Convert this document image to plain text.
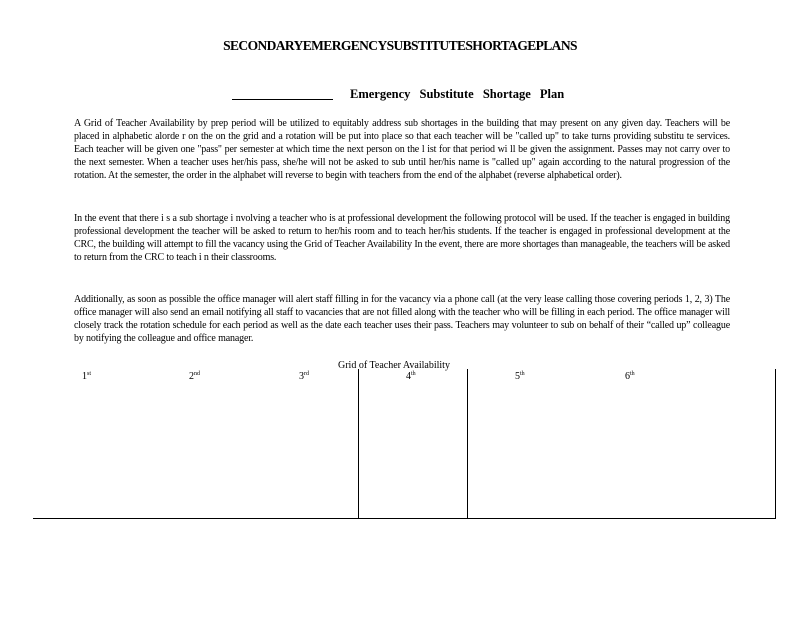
SECONDARYEMERGENCYSUBSTITUTESHORTAGEPLANS
Emergency Substitute Shortage Plan
A Grid of Teacher Availability by prep period will be utilized to equitably address sub shortages in the building that may present on any given day. Teachers will be placed in alphabetic alorde r on the on the grid and a rotation will be put into place so that each teacher will be "called up" to take turns providing substitu te services. Each teacher will be given one "pass" per semester at which time the next person on the l ist for that period wi ll be given the assignment. Passes may not carry over to the next semester. When a teacher uses her/his pass, she/he will not be asked to sub until her/his name is "called up" again according to the natural progression of the rotation. At the semester, the order in the alphabet will reverse to begin with teachers from the end of the alphabet (reverse alphabetical order).
In the event that there i s a sub shortage i nvolving a teacher who is at professional development the following protocol will be used. If the teacher is engaged in building professional development the teacher will be asked to return to her/his room and to teach her/his students. If the teacher is engaged in professional development at the CRC, the building will attempt to fill the vacancy using the Grid of Teacher Availability In the event, there are more shortages than manageable, the teachers will be asked to return from the CRC to teach i n their classrooms.
Additionally, as soon as possible the office manager will alert staff filling in for the vacancy via a phone call (at the very lease calling those covering periods 1, 2, 3) The office manager will also send an email notifying all staff to vacancies that are not filled along with the teacher who will be filling in each period. The office manager will closely track the rotation schedule for each period as well as the date each teacher uses their pass. Teachers may volunteer to sub on behalf of their “called up” colleague by notifying the colleague and office manager.
Grid of Teacher Availability
1st	2nd	3rd	4th	5th	6th
